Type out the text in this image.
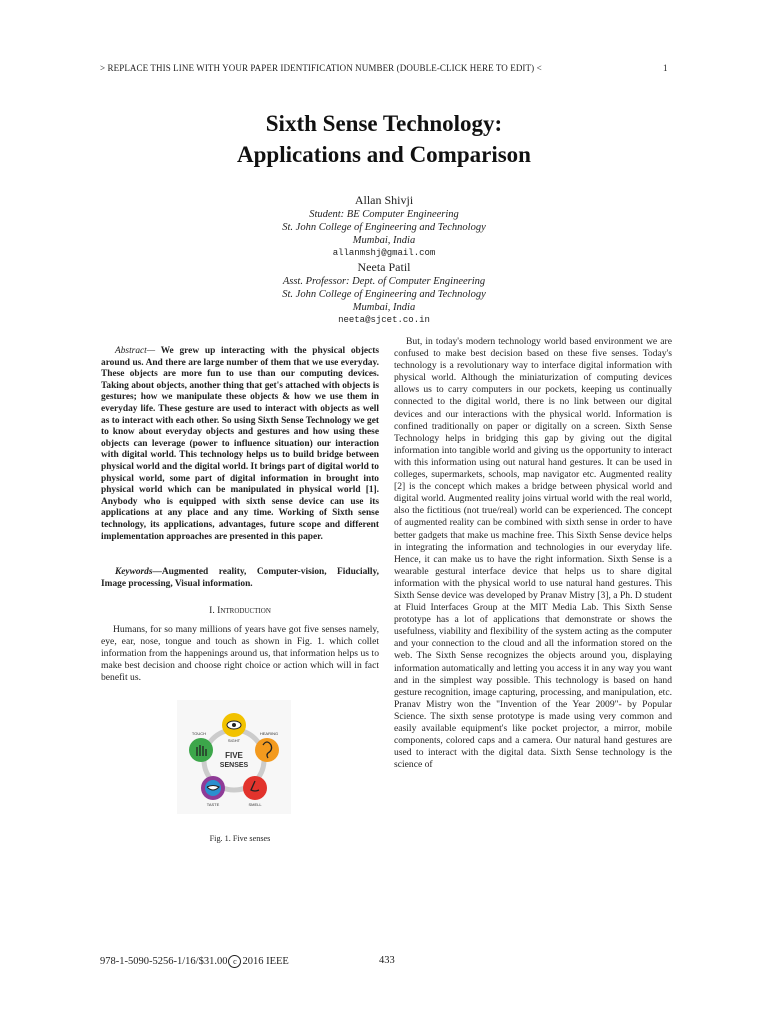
> REPLACE THIS LINE WITH YOUR PAPER IDENTIFICATION NUMBER (DOUBLE-CLICK HERE TO EDIT) <	1
Sixth Sense Technology:
Applications and Comparison
Allan Shivji
Student: BE Computer Engineering
St. John College of Engineering and Technology
Mumbai, India
allanmshj@gmail.com
Neeta Patil
Asst. Professor: Dept. of Computer Engineering
St. John College of Engineering and Technology
Mumbai, India
neeta@sjcet.co.in
Abstract— We grew up interacting with the physical objects around us. And there are large number of them that we use everyday. These objects are more fun to use than our computing devices. Taking about objects, another thing that get's attached with objects is gestures; how we manipulate these objects & how we use them in everyday life. These gesture are used to interact with objects as well as to interact with each other. So using Sixth Sense Technology we get to know about everyday objects and gestures and how using these objects can leverage (power to influence situation) our interaction with digital world. This technology helps us to build bridge between physical world and the digital world. It brings part of digital world to physical world, some part of digital information in brought into physical world which can be manipulated in physical world [1]. Anybody who is equipped with sixth sense device can use its applications at any place and any time. Working of Sixth sense technology, its applications, advantages, future scope and different implementation approaches are presented in this paper.
Keywords—Augmented reality, Computer-vision, Fiducially, Image processing, Visual information.
I. Introduction

Humans, for so many millions of years have got five senses namely, eye, ear, nose, tongue and touch as shown in Fig. 1. which collet information from the happenings around us, that information helps us to make best decision and choose right choice or action which will in fact benefit us.

FIVE
SENSES
SIGHT
HEARING
SMELL
TASTE
TOUCH
Fig. 1. Five senses

But, in today's modern technology world based environment we are confused to make best decision based on these five senses. Today's technology is a revolutionary way to interface digital information with physical world. Although the miniaturization of computing devices allows us to carry computers in our pockets, keeping us continually connected to the digital world, there is no link between our digital devices and our interactions with the physical world. Information is confined traditionally on paper or digitally on a screen. Sixth Sense Technology helps in bridging this gap by giving out the digital information into tangible world and giving us the opportunity to interact with this information using out natural hand gestures. It can be used in colleges, supermarkets, schools, map navigator etc. Augmented reality [2] is the concept which makes a bridge between physical world and digital world. Augmented reality joins virtual world with the real world, also the fictitious (not true/real) world can be experienced. The concept of augmented reality can be combined with sixth sense in order to have better gadgets that make us machine free. This Sixth Sense device helps in integrating the information and technologies in our everyday life. Hence, it can make us to have the right information. Sixth Sense is a wearable gestural interface device that helps us to share digital information with the physical world to use natural hand gestures. This Sixth Sense device was developed by Pranav Mistry [3], a Ph. D student at Fluid Interfaces Group at the MIT Media Lab. This Sixth Sense prototype has a lot of applications that demonstrate or shows the usefulness, viability and flexibility of the system acting as the computer and your connection to the cloud and all the information stored on the web. The Sixth Sense recognizes the objects around you, displaying information automatically and letting you access it in any way you want and in the simplest way possible. This technology is based on hand gesture recognition, image capturing, processing, and manipulation, etc. Pranav Mistry won the "Invention of the Year 2009"- by Popular Science. The sixth sense prototype is made using very common and easily available equipment's like pocket projector, a mirror, mobile components, colored caps and a camera. Our natural hand gestures are used to interact with the digital data. Sixth Sense technology is the science of

978-1-5090-5256-1/16/$31.00 c 2016 IEEE	433
